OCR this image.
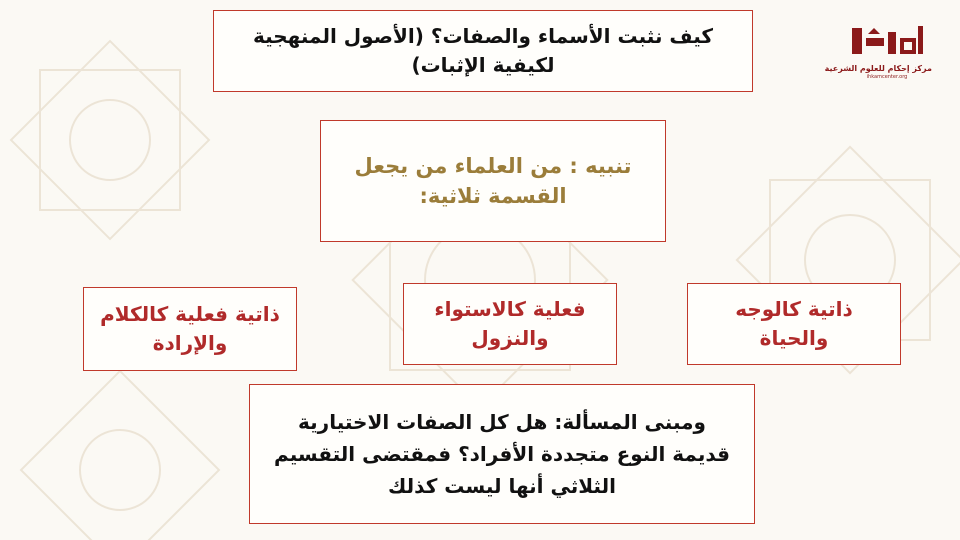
مركز إحكام للعلوم الشرعية
ihkamcenter.org
كيف نثبت الأسماء والصفات؟ (الأصول المنهجية
لكيفية الإثبات)
تنبيه : من العلماء من يجعل
القسمة ثلاثية:
ذاتية كالوجه
والحياة
فعلية كالاستواء
والنزول
ذاتية فعلية كالكلام
والإرادة
ومبنى المسألة: هل كل الصفات الاختيارية
قديمة النوع متجددة الأفراد؟ فمقتضى التقسيم
الثلاثي أنها ليست كذلك
